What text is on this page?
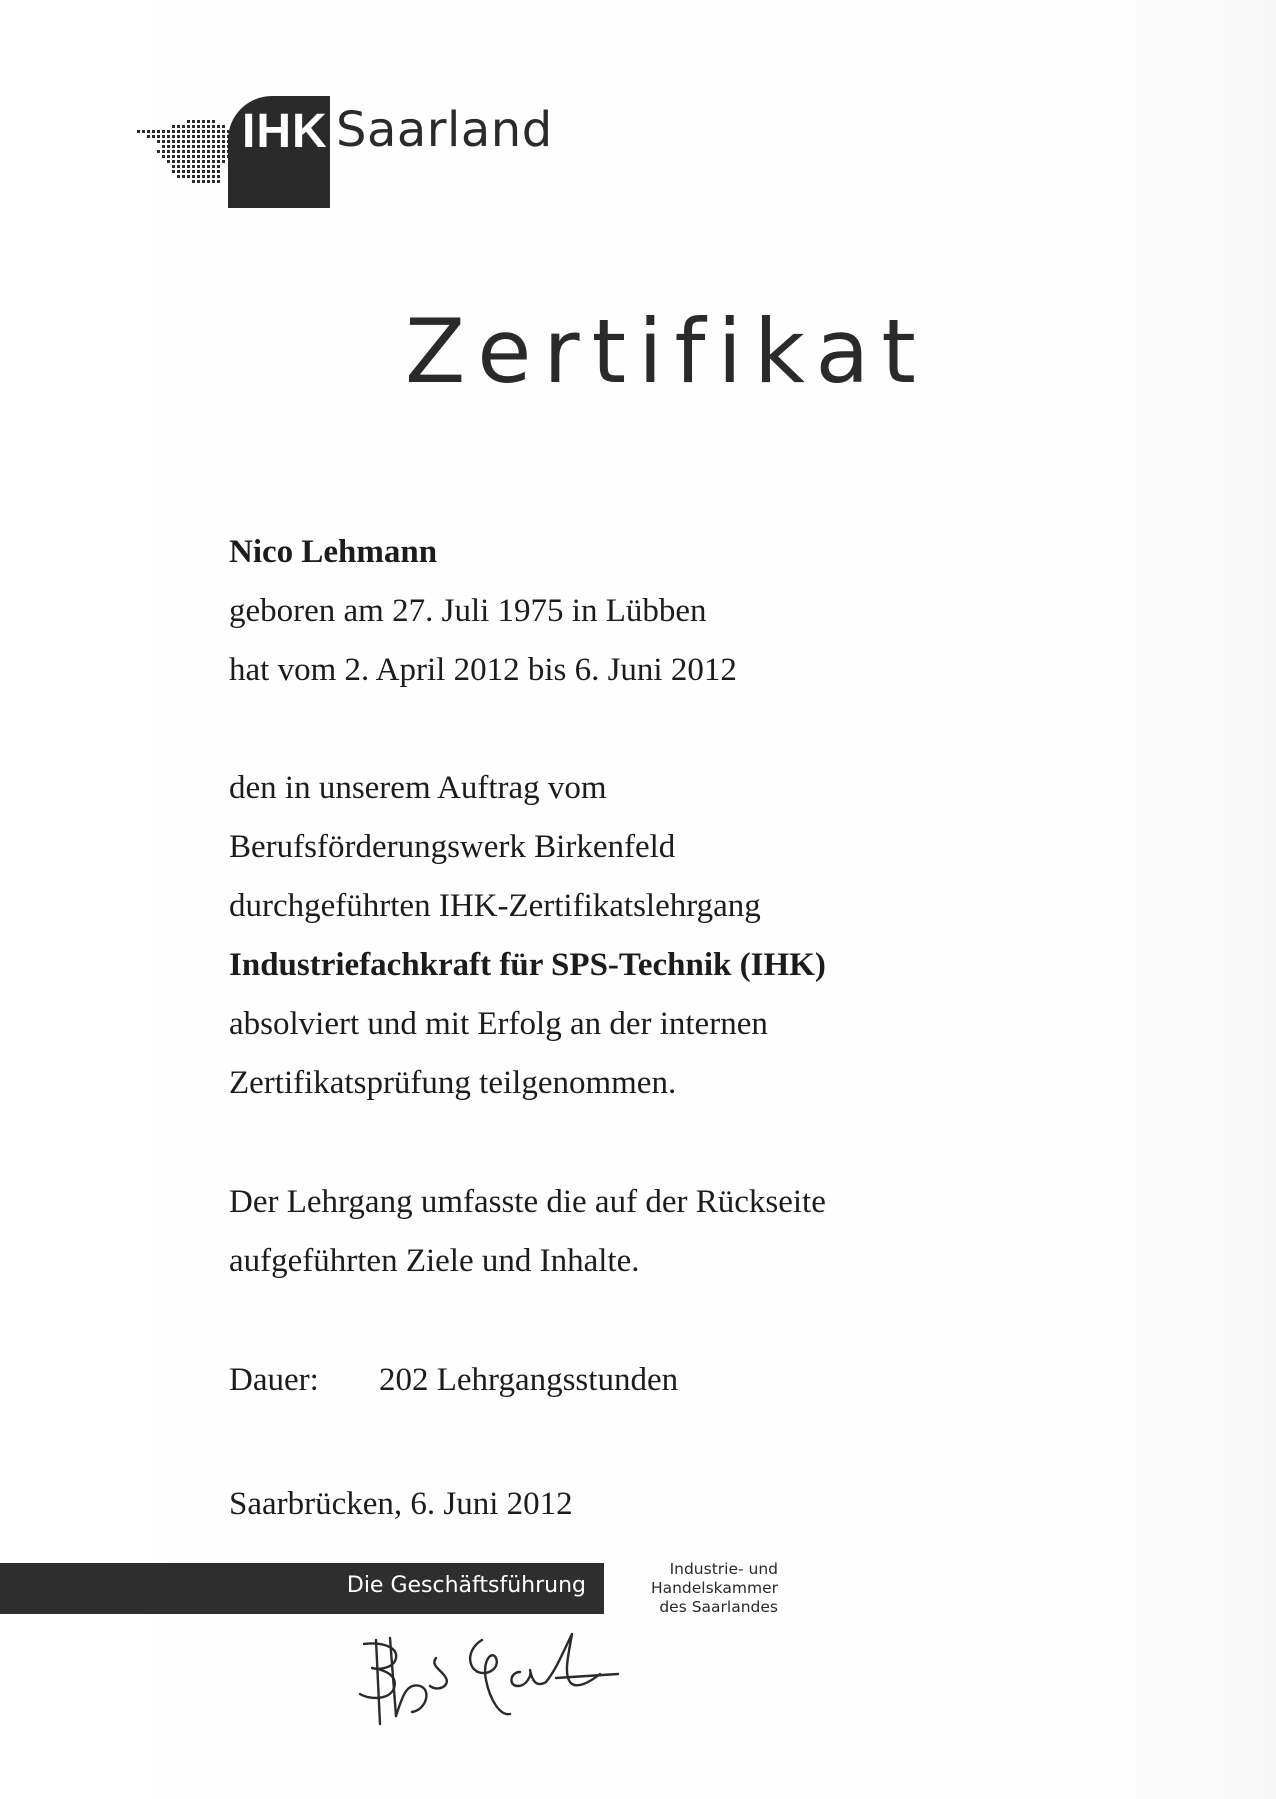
IHK Saarland
Zertifikat
Nico Lehmann
geboren am 27. Juli 1975 in Lübben
hat vom 2. April 2012 bis 6. Juni 2012
den in unserem Auftrag vom
Berufsförderungswerk Birkenfeld
durchgeführten IHK-Zertifikatslehrgang
Industriefachkraft für SPS-Technik (IHK)
absolviert und mit Erfolg an der internen
Zertifikatsprüfung teilgenommen.
Der Lehrgang umfasste die auf der Rückseite
aufgeführten Ziele und Inhalte.
Dauer: 202 Lehrgangsstunden
Saarbrücken, 6. Juni 2012
Die Geschäftsführung
Industrie- und
Handelskammer
des Saarlandes
